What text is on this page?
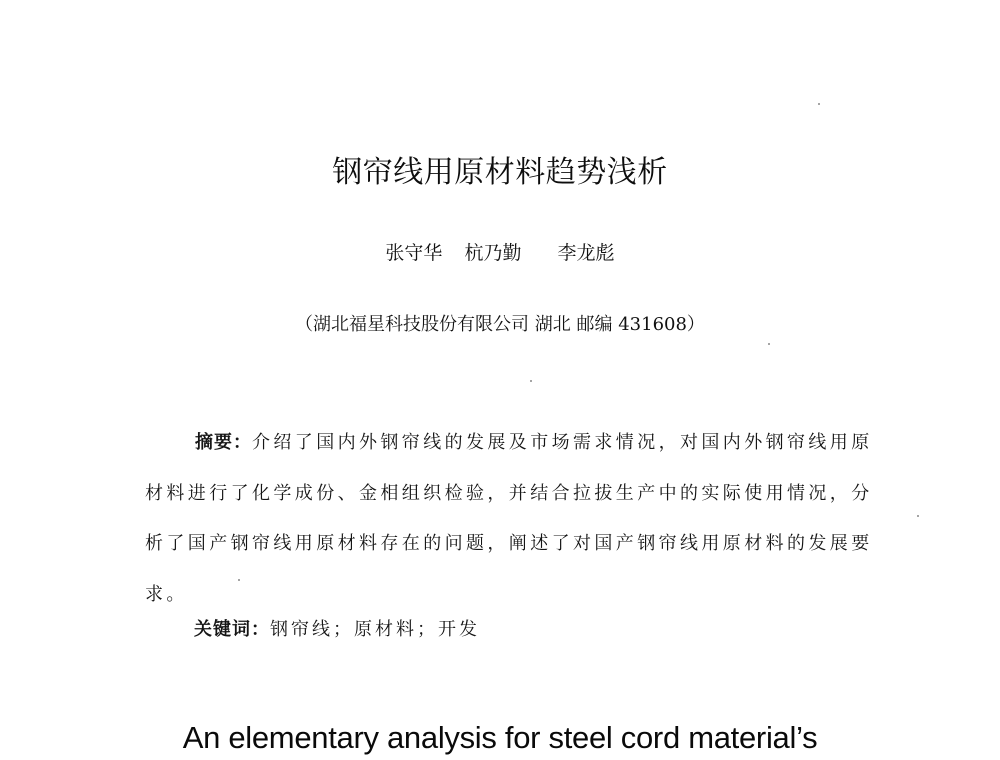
钢帘线用原材料趋势浅析
张守华 杭乃勤 李龙彪
（湖北福星科技股份有限公司 湖北 邮编 431608）
摘要：介绍了国内外钢帘线的发展及市场需求情况，对国内外钢帘线用原
材料进行了化学成份、金相组织检验，并结合拉拔生产中的实际使用情况，分
析了国产钢帘线用原材料存在的问题，阐述了对国产钢帘线用原材料的发展要
求。
关键词：钢帘线；原材料；开发
An elementary analysis for steel cord material’s
